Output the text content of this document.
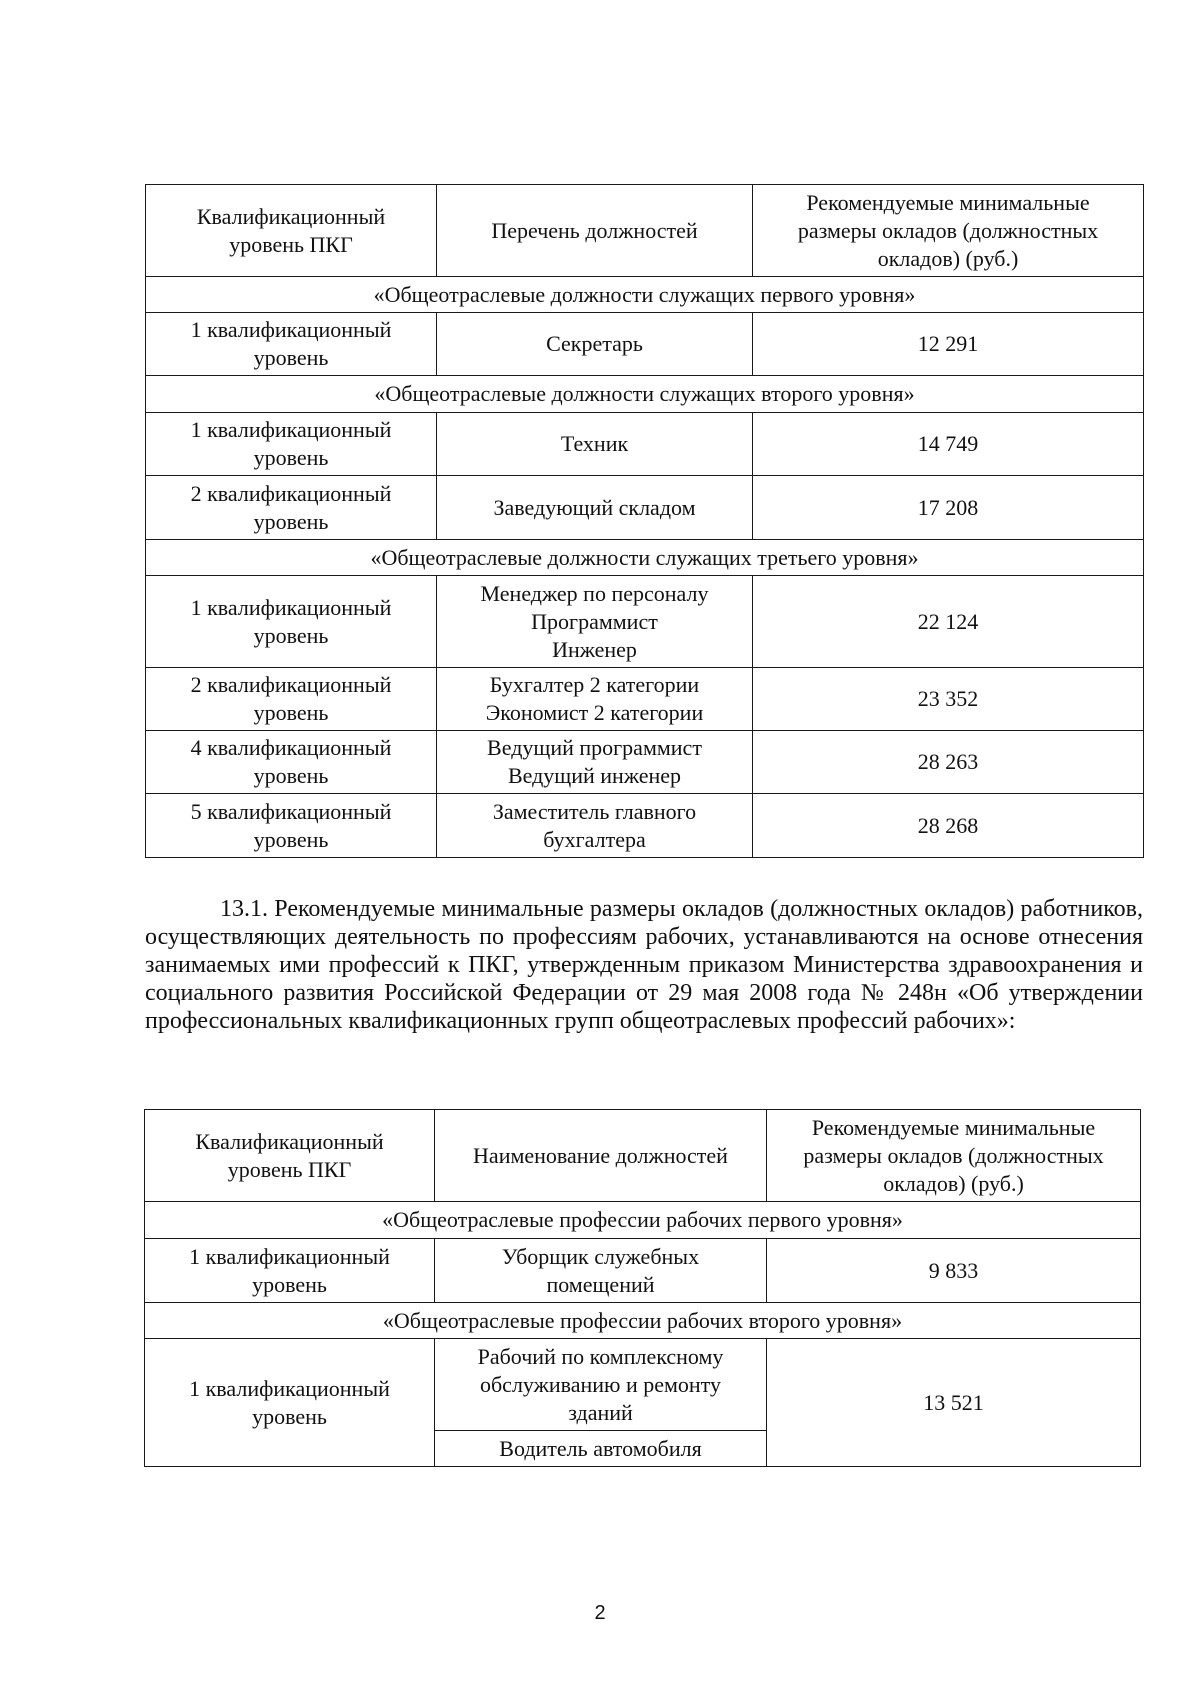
Квалификационный
уровень ПКГ	Перечень должностей	Рекомендуемые минимальные
размеры окладов (должностных
окладов) (руб.)
«Общеотраслевые должности служащих первого уровня»		
1 квалификационный
уровень	Секретарь	12 291
«Общеотраслевые должности служащих второго уровня»		
1 квалификационный
уровень	Техник	14 749
2 квалификационный
уровень	Заведующий складом	17 208
«Общеотраслевые должности служащих третьего уровня»		
1 квалификационный
уровень	Менеджер по персоналу
Программист
Инженер	22 124
2 квалификационный
уровень	Бухгалтер 2 категории
Экономист 2 категории	23 352
4 квалификационный
уровень	Ведущий программист
Ведущий инженер	28 263
5 квалификационный
уровень	Заместитель главного
бухгалтера	28 268
13.1. Рекомендуемые минимальные размеры окладов (должностных окладов) работников, осуществляющих деятельность по профессиям рабочих, устанавливаются на основе отнесения занимаемых ими профессий к ПКГ, утвержденным приказом Министерства здравоохранения и социального развития Российской Федерации от 29 мая 2008 года № 248н «Об утверждении профессиональных квалификационных групп общеотраслевых профессий рабочих»:
Квалификационный
уровень ПКГ	Наименование должностей	Рекомендуемые минимальные
размеры окладов (должностных
окладов) (руб.)
«Общеотраслевые профессии рабочих первого уровня»		
1 квалификационный
уровень	Уборщик служебных
помещений	9 833
«Общеотраслевые профессии рабочих второго уровня»		
1 квалификационный
уровень	Рабочий по комплексному
обслуживанию и ремонту
зданий	13 521
	Водитель автомобиля	
2
